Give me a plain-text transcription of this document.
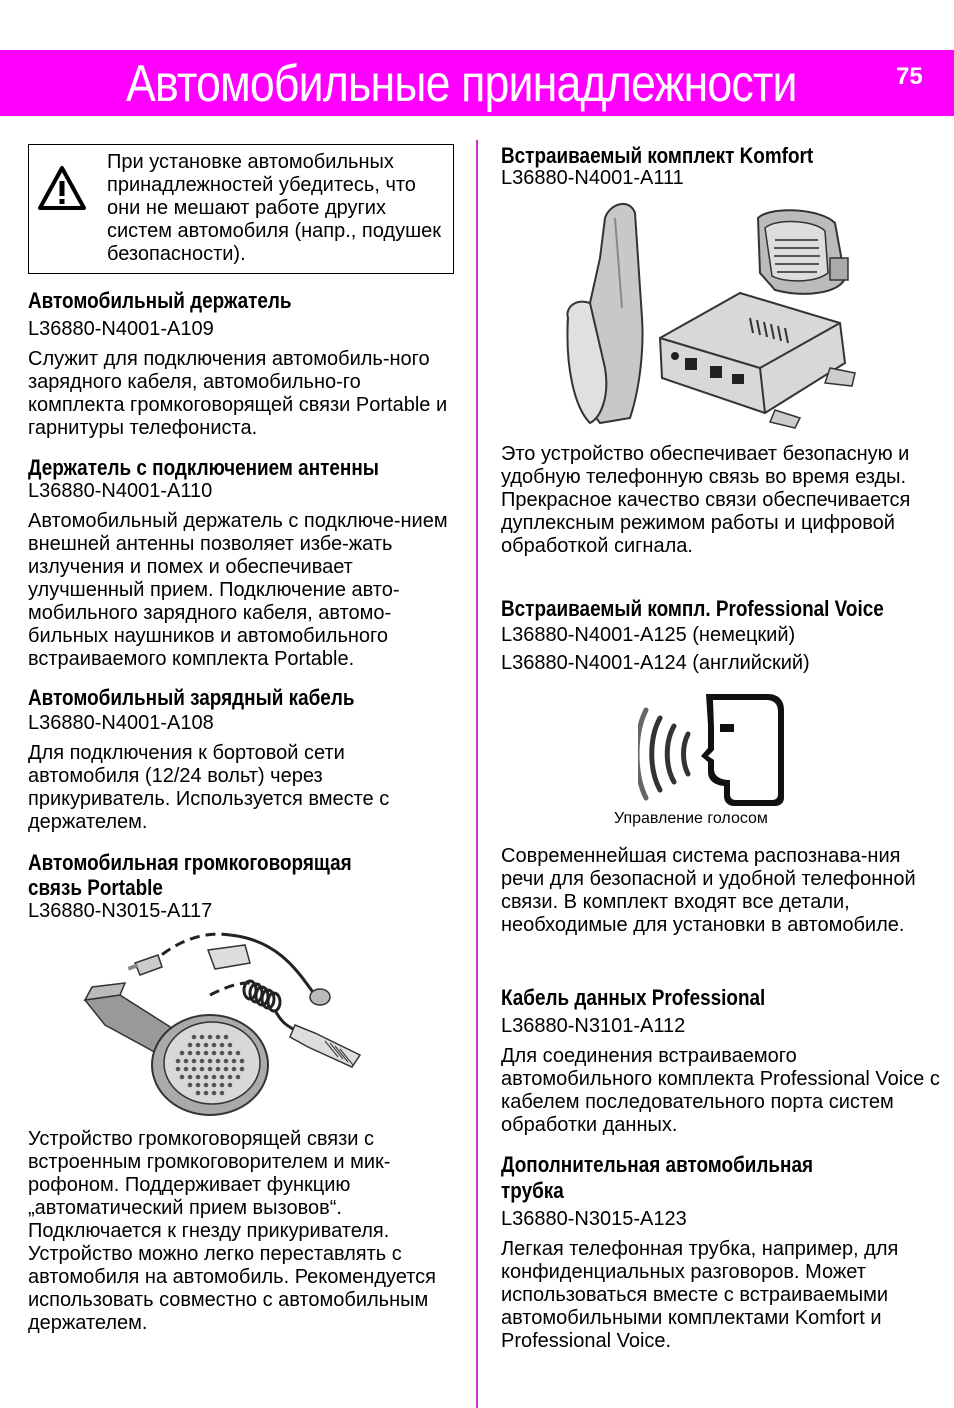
Автомобильные принадлежности	75
При установке автомобильных принадлежностей убедитесь, что они не мешают работе других систем автомобиля (напр., подушек безопасности).
Автомобильный держатель
L36880-N4001-A109
Служит для подключения автомобиль-ного зарядного кабеля, автомобильно-го комплекта громкоговорящей связи Portable и гарнитуры телефониста.
Держатель с подключением антенны
L36880-N4001-A110
Автомобильный держатель с подключе-нием внешней антенны позволяет избе-жать излучения и помех и обеспечивает улучшенный прием. Подключение авто-мобильного зарядного кабеля, автомо-бильных наушников и автомобильного встраиваемого комплекта Portable.
Автомобильный зарядный кабель
L36880-N4001-A108
Для подключения к бортовой сети автомобиля (12/24 вольт) через прикуриватель. Используется вместе с держателем.
Автомобильная громкоговорящая
связь Portable
L36880-N3015-A117
Устройство громкоговорящей связи с встроенным громкоговорителем и мик-рофоном. Поддерживает функцию „автоматический прием вызовов“. Подключается к гнезду прикуривателя. Устройство можно легко переставлять с автомобиля на автомобиль. Рекомендуется использовать совместно с автомобильным держателем.
Встраиваемый комплект Komfort
L36880-N4001-A111
Это устройство обеспечивает безопасную и удобную телефонную связь во время езды. Прекрасное качество связи обеспечивается дуплексным режимом работы и цифровой обработкой сигнала.
Встраиваемый компл. Professional Voice
L36880-N4001-A125 (немецкий)
L36880-N4001-A124 (английский)
Управление голосом
Современнейшая система распознава-ния речи для безопасной и удобной телефонной связи. В комплект входят все детали, необходимые для установки в автомобиле.
Кабель данных Professional
L36880-N3101-A112
Для соединения встраиваемого автомобильного комплекта Professional Voice с кабелем последовательного порта систем обработки данных.
Дополнительная автомобильная
трубка
L36880-N3015-A123
Легкая телефонная трубка, например, для конфиденциальных разговоров. Может использоваться вместе с встраиваемыми автомобильными комплектами Komfort и Professional Voice.
